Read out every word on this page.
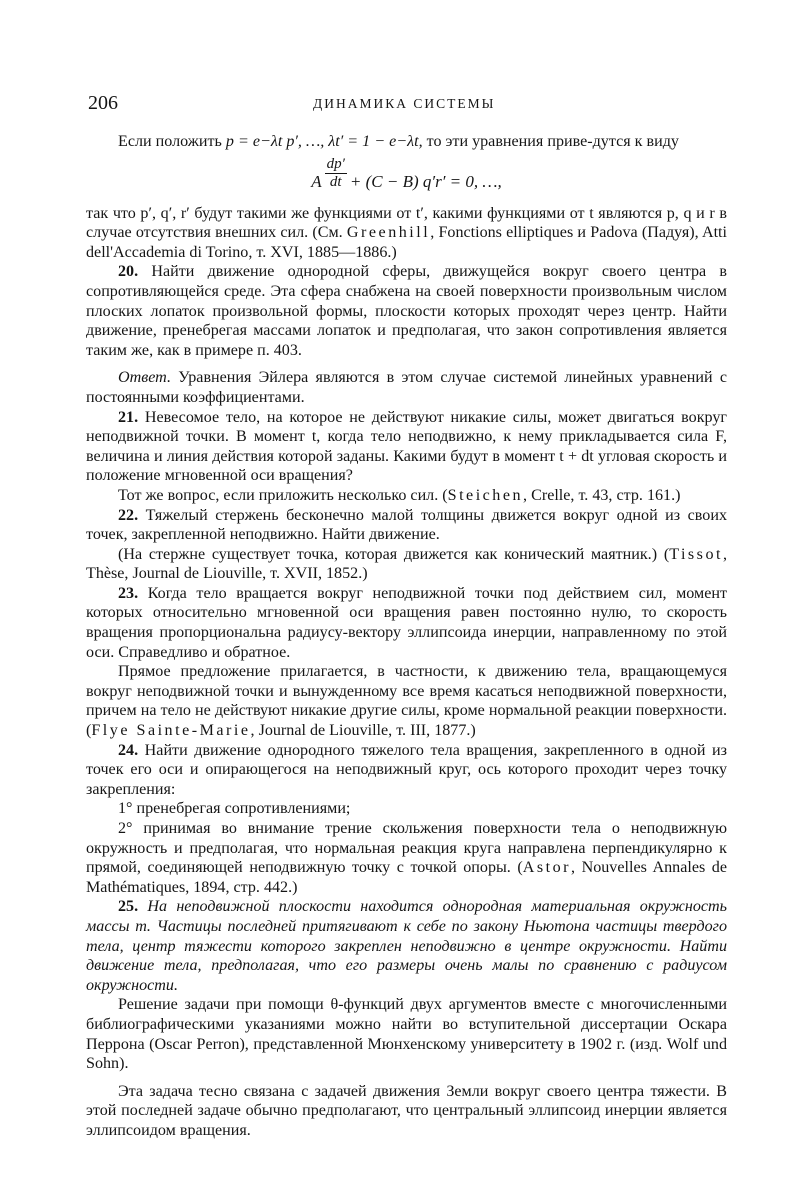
206	ДИНАМИКА СИСТЕМЫ

Если положить p = e−λt p′, …, λt′ = 1 − e−λt, то эти уравнения приве-дутся к виду

A $\frac{dp'}{dt} + (C - B) q'r' = 0$, …,

так что p′, q′, r′ будут такими же функциями от t′, какими функциями от t являются p, q и r в случае отсутствия внешних сил. (См. Greenhill, Fonctions elliptiques и Padova (Падуя), Atti dell'Accademia di Torino, т. XVI, 1885—1886.)

20. Найти движение однородной сферы, движущейся вокруг своего центра в сопротивляющейся среде. Эта сфера снабжена на своей поверхности произвольным числом плоских лопаток произвольной формы, плоскости которых проходят через центр. Найти движение, пренебрегая массами лопаток и предполагая, что закон сопротивления является таким же, как в примере п. 403.

Ответ. Уравнения Эйлера являются в этом случае системой линейных уравнений с постоянными коэффициентами.

21. Невесомое тело, на которое не действуют никакие силы, может двигаться вокруг неподвижной точки. В момент t, когда тело неподвижно, к нему прикладывается сила F, величина и линия действия которой заданы. Какими будут в момент t + dt угловая скорость и положение мгновенной оси вращения?

Тот же вопрос, если приложить несколько сил. (Steichen, Crelle, т. 43, стр. 161.)

22. Тяжелый стержень бесконечно малой толщины движется вокруг одной из своих точек, закрепленной неподвижно. Найти движение.

(На стержне существует точка, которая движется как конический маятник.) (Tissot, Thèse, Journal de Liouville, т. XVII, 1852.)

23. Когда тело вращается вокруг неподвижной точки под действием сил, момент которых относительно мгновенной оси вращения равен постоянно нулю, то скорость вращения пропорциональна радиусу-вектору эллипсоида инерции, направленному по этой оси. Справедливо и обратное.

Прямое предложение прилагается, в частности, к движению тела, вращающемуся вокруг неподвижной точки и вынужденному все время касаться неподвижной поверхности, причем на тело не действуют никакие другие силы, кроме нормальной реакции поверхности. (Flye Sainte-Marie, Journal de Liouville, т. III, 1877.)

24. Найти движение однородного тяжелого тела вращения, закрепленного в одной из точек его оси и опирающегося на неподвижный круг, ось которого проходит через точку закрепления:

1° пренебрегая сопротивлениями;

2° принимая во внимание трение скольжения поверхности тела о неподвижную окружность и предполагая, что нормальная реакция круга направлена перпендикулярно к прямой, соединяющей неподвижную точку с точкой опоры. (Astor, Nouvelles Annales de Mathématiques, 1894, стр. 442.)

25. На неподвижной плоскости находится однородная материальная окружность массы m. Частицы последней притягивают к себе по закону Ньютона частицы твердого тела, центр тяжести которого закреплен неподвижно в центре окружности. Найти движение тела, предполагая, что его размеры очень малы по сравнению с радиусом окружности.

Решение задачи при помощи θ-функций двух аргументов вместе с многочисленными библиографическими указаниями можно найти во вступительной диссертации Оскара Перрона (Oscar Perron), представленной Мюнхенскому университету в 1902 г. (изд. Wolf und Sohn).

Эта задача тесно связана с задачей движения Земли вокруг своего центра тяжести. В этой последней задаче обычно предполагают, что центральный эллипсоид инерции является эллипсоидом вращения.
